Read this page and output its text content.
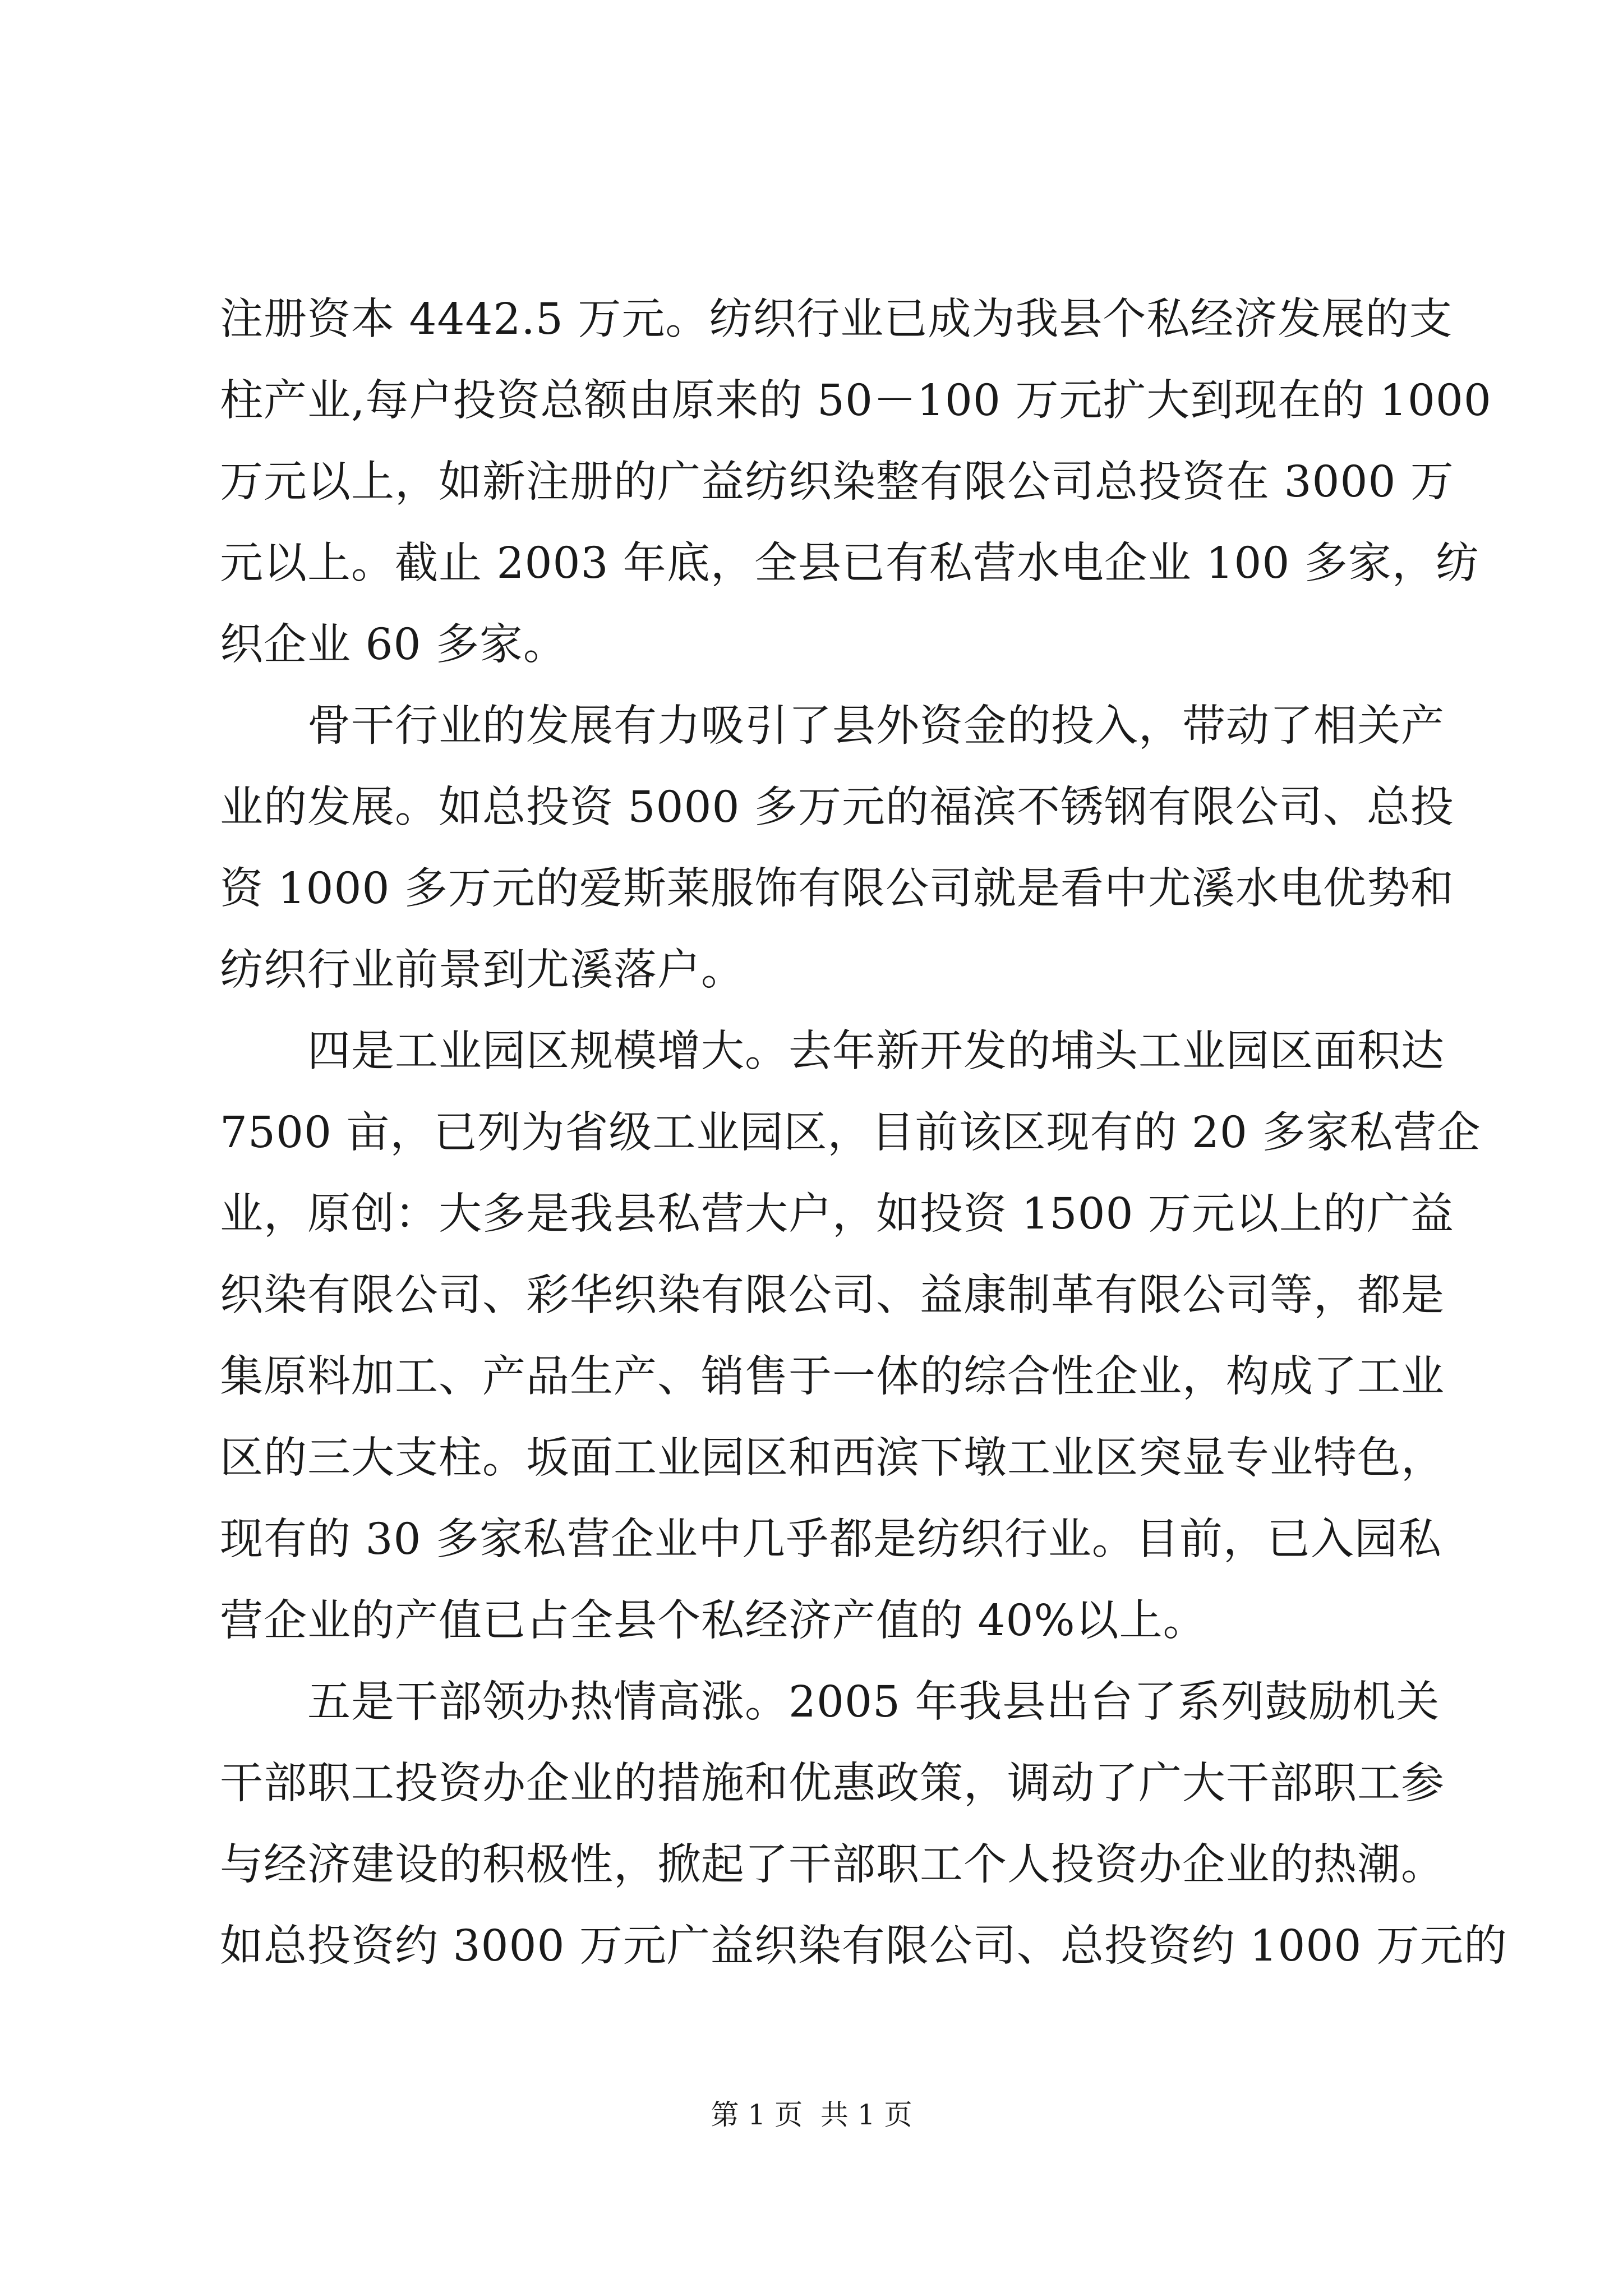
注册资本 4442.5 万元。纺织行业已成为我县个私经济发展的支
柱产业,每户投资总额由原来的 50－100 万元扩大到现在的 1000
万元以上，如新注册的广益纺织染整有限公司总投资在 3000 万
元以上。截止 2003 年底，全县已有私营水电企业 100 多家，纺
织企业 60 多家。
　　骨干行业的发展有力吸引了县外资金的投入，带动了相关产
业的发展。如总投资 5000 多万元的福滨不锈钢有限公司、总投
资 1000 多万元的爱斯莱服饰有限公司就是看中尤溪水电优势和
纺织行业前景到尤溪落户。
　　四是工业园区规模增大。去年新开发的埔头工业园区面积达
7500 亩，已列为省级工业园区，目前该区现有的 20 多家私营企
业，原创：大多是我县私营大户，如投资 1500 万元以上的广益
织染有限公司、彩华织染有限公司、益康制革有限公司等，都是
集原料加工、产品生产、销售于一体的综合性企业，构成了工业
区的三大支柱。坂面工业园区和西滨下墩工业区突显专业特色，
现有的 30 多家私营企业中几乎都是纺织行业。目前，已入园私
营企业的产值已占全县个私经济产值的 40%以上。
　　五是干部领办热情高涨。2005 年我县出台了系列鼓励机关
干部职工投资办企业的措施和优惠政策，调动了广大干部职工参
与经济建设的积极性，掀起了干部职工个人投资办企业的热潮。
如总投资约 3000 万元广益织染有限公司、总投资约 1000 万元的
第 1 页  共 1 页
